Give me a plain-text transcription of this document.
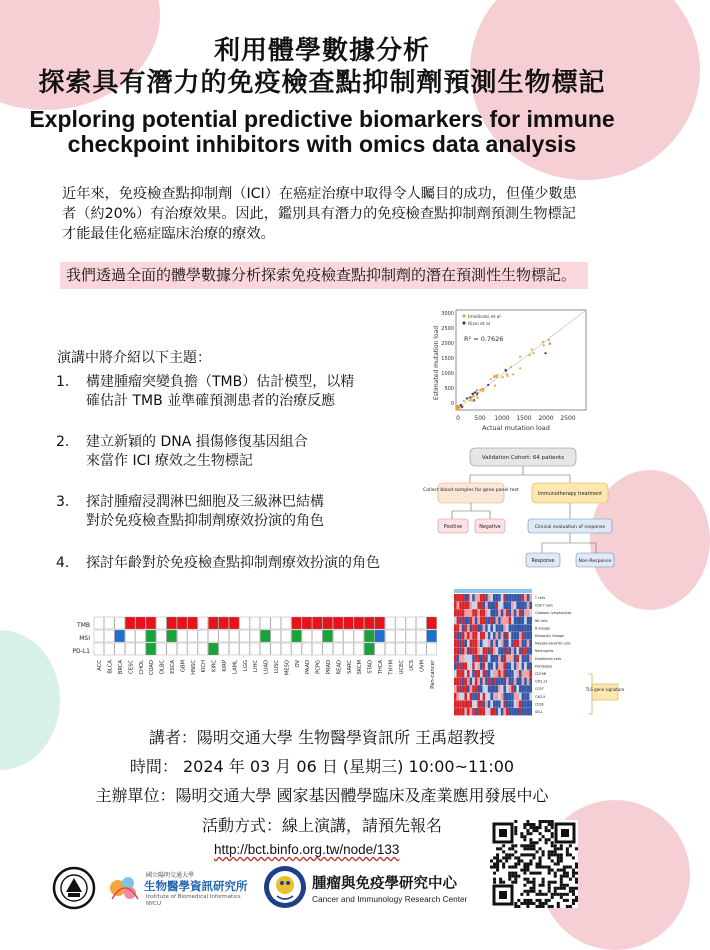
利用體學數據分析
探索具有潛力的免疫檢查點抑制劑預測生物標記
Exploring potential predictive biomarkers for immune
checkpoint inhibitors with omics data analysis
近年來，免疫檢查點抑制劑（ICI）在癌症治療中取得令人矚目的成功，但僅少數患者（約20%）有治療效果。因此，鑑別具有潛力的免疫檢查點抑制劑預測生物標記才能最佳化癌症臨床治療的療效。
我們透過全面的體學數據分析探索免疫檢查點抑制劑的潛在預測性生物標記。
演講中將介紹以下主題：
1. 構建腫瘤突變負擔（TMB）估計模型，以精
確估計 TMB 並準確預測患者的治療反應
2. 建立新穎的 DNA 損傷修復基因組合
來當作 ICI 療效之生物標記
3. 探討腫瘤浸潤淋巴細胞及三級淋巴結構
對於免疫檢查點抑制劑療效扮演的角色
4. 探討年齡對於免疫檢查點抑制劑療效扮演的角色
3000
2500
2000
1500
1000
500
0
0 500 1000 1500 2000 2500
Actual mutation load
Estimated mutation load	R² = 0.7626
Imielinski et al
Rizvi et al
Validation Cohort: 64 patients
Collect blood samples for gene panel test
Immunotherapy treatment
Positive	Negative	Clinical evaluation of response
Response	Non-Response
TMB
MSI
PD-L1
ACC BLCA BRCA CESC CHOL COAD DLBC ESCA GBM HNSC KICH KIRC KIRP LAML LGG LIHC LUAD LUSC MESO OV PAAD PCPG PRAD READ SARC SKCM STAD THCA THYM UCEC UCS UVM Pan-cancer
T cells
CD8 T cells
Cytotoxic lymphocytes
NK cells
B lineage
Monocytic lineage
Myeloid dendritic cells
Neutrophils
Endothelial cells
Fibroblasts
CD79B
CXCL13
CCR7
CXCL9
CD3E
SELL
TLS gene signature
講者：陽明交通大學 生物醫學資訊所 王禹超教授
時間： 2024 年 03 月 06 日 (星期三) 10:00~11:00
主辦單位：陽明交通大學 國家基因體學臨床及產業應用發展中心
活動方式：線上演講，請預先報名
http://bct.binfo.org.tw/node/133
國立陽明交通大學
生物醫學資訊研究所
Institute of Biomedical Informatics
NYCU
腫瘤與免疫學研究中心
Cancer and Immunology Research Center
